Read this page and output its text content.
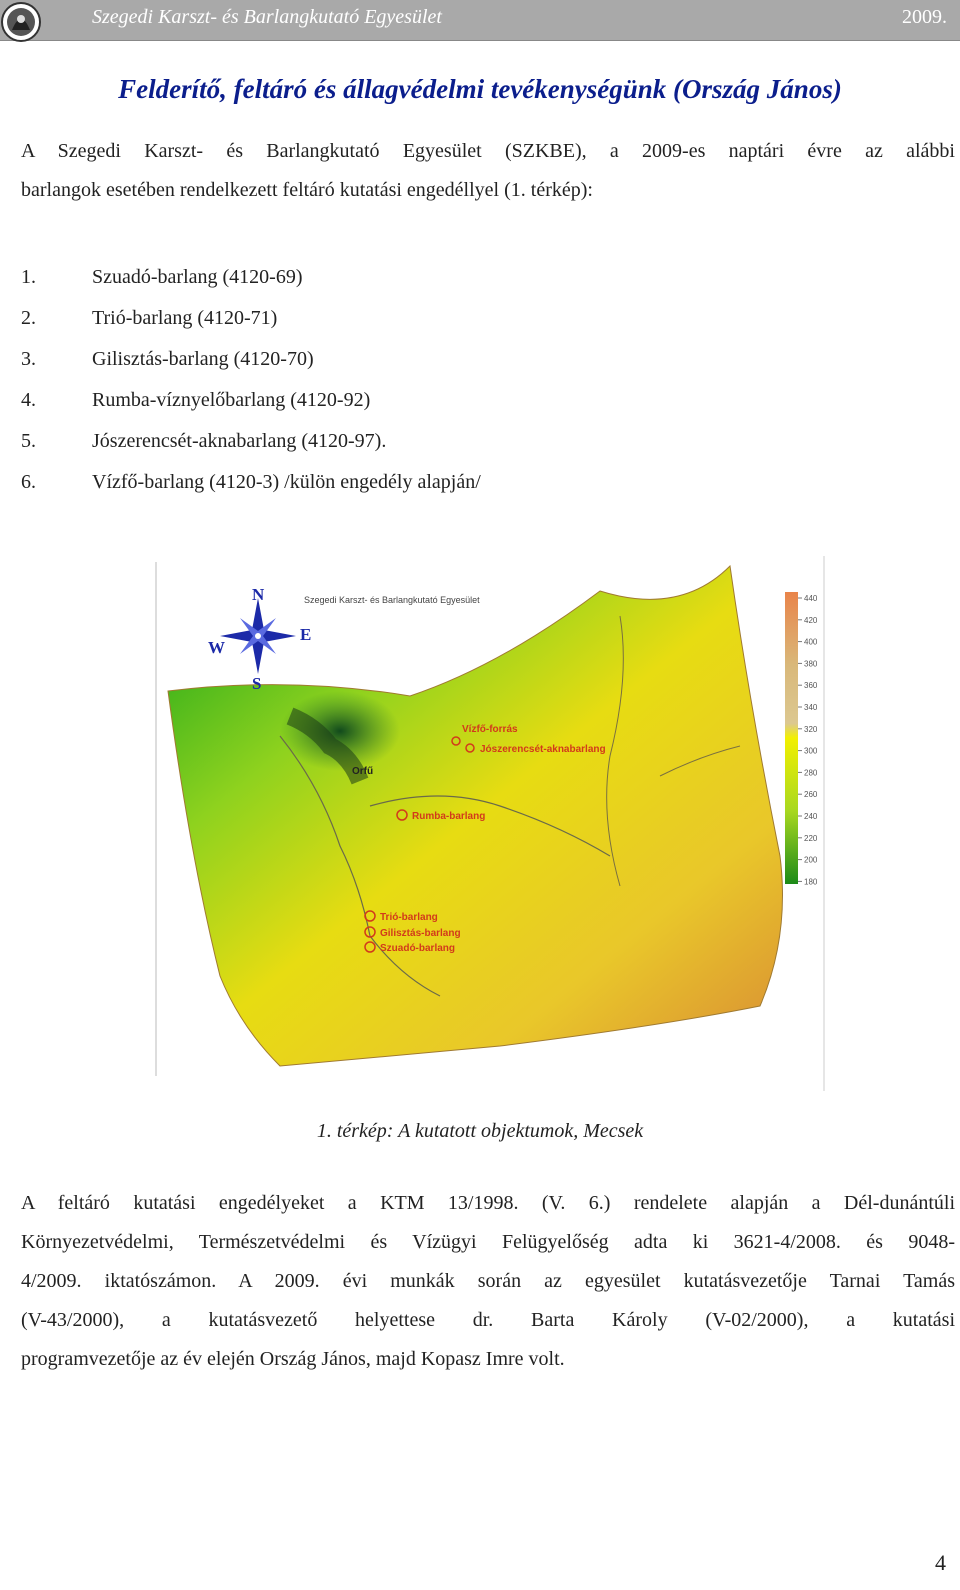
Szegedi Karszt- és Barlangkutató Egyesület	2009.
Felderítő, feltáró és állagvédelmi tevékenységünk (Ország János)
A Szegedi Karszt- és Barlangkutató Egyesület (SZKBE), a 2009-es naptári évre az alábbi
barlangok esetében rendelkezett feltáró kutatási engedéllyel (1. térkép):
1.	Szuadó-barlang (4120-69)
2.	Trió-barlang (4120-71)
3.	Gilisztás-barlang (4120-70)
4.	Rumba-víznyelőbarlang (4120-92)
5.	Jószerencsét-aknabarlang (4120-97).
6.	Vízfő-barlang (4120-3) /külön engedély alapján/
N
S
E
W
Szegedi Karszt- és Barlangkutató Egyesület
Vízfő-forrás
Jószerencsét-aknabarlang
Rumba-barlang
Trió-barlang
Gilisztás-barlang
Szuadó-barlang
Orfű
440
420
400
380
360
340
320
300
280
260
240
220
200
180
1. térkép: A kutatott objektumok, Mecsek
A feltáró kutatási engedélyeket a KTM 13/1998. (V. 6.) rendelete alapján a Dél-dunántúli
Környezetvédelmi, Természetvédelmi és Vízügyi Felügyelőség adta ki 3621-4/2008. és 9048-
4/2009. iktatószámon. A 2009. évi munkák során az egyesület kutatásvezetője Tarnai Tamás
(V-43/2000), a kutatásvezető helyettese dr. Barta Károly (V-02/2000), a kutatási
programvezetője az év elején Ország János, majd Kopasz Imre volt.
4
